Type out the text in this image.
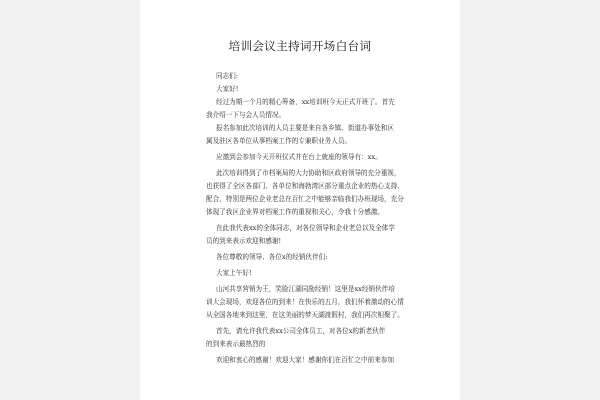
培训会议主持词开场白台词
同志们:
大家好!
经过为期一个月的精心筹备，xx培训班今天正式开班了。首先
我介绍一下与会人员情况。
报名参加此次培训的人员主要是来自各乡镇、街道办事处和区
属及驻区各单位从事档案工作的专兼职业务人员。
应邀到会参加今天开班仪式并在台上就座的领导有：xx。
此次培训得到了市档案局的大力协助和区政府领导的充分重视，
也获得了全区各部门、各单位和海勃湾区部分重点企业的热心支持、
配合，特别是两位企业老总在百忙之中能够亲临我们办班现场，充分
体现了我区企业界对档案工作的重视和关心，令我十分感激。
在此我代表xx的全体同志，对各位领导和企业老总以及全体学
员的到来表示欢迎和感谢!
各位尊敬的领导、各位x的经销伙伴们:
大家上午好!
山河共享营销为王，笑脸江湖同励经销！这里是xx经销伙伴培
训大会现场，欢迎各位的到来！在快乐的五月，我们怀着激动的心情
从全国各地来到这里，在这美丽的梦天湖渡假村，我们再次相聚了。
首先，请允许我代表xx公司全体员工，对各位x的新老伙伴
的到来表示最热烈的
欢迎和衷心的感谢！欢迎大家！感谢你们在百忙之中前来参加
